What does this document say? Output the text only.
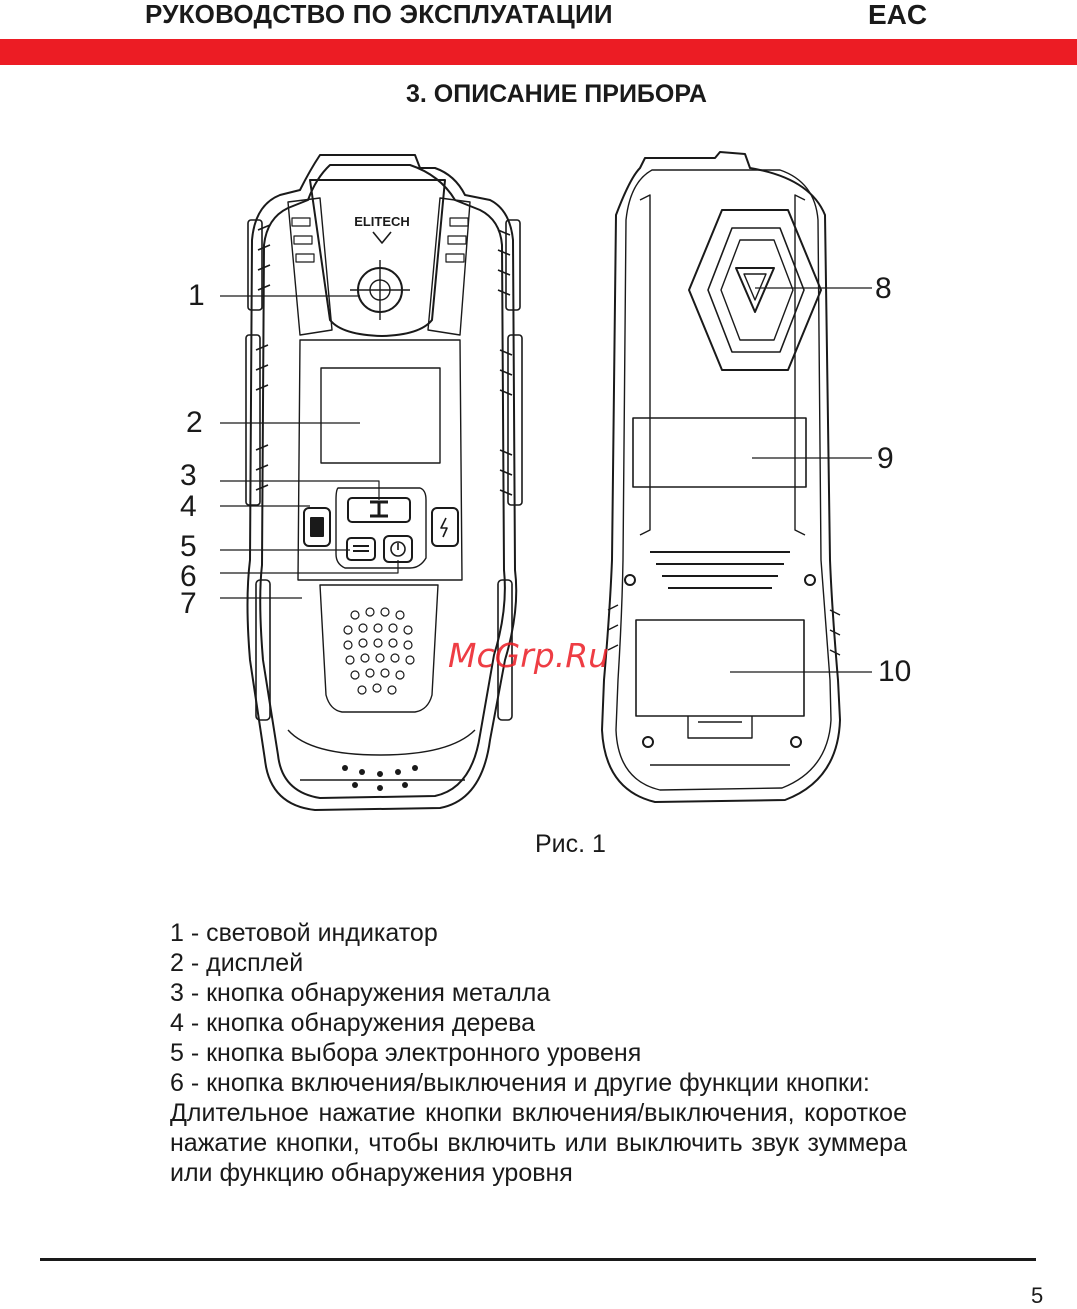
РУКОВОДСТВО ПО ЭКСПЛУАТАЦИИ	EAC
3. ОПИСАНИЕ ПРИБОРА
ELITECH
1
2
3
4
5
6
7
8
9
10
McGrp.Ru
Рис. 1

1 - световой индикатор

2 - дисплей

3 - кнопка обнаружения металла

4 - кнопка обнаружения дерева

5 - кнопка выбора электронного уровеня

6 - кнопка включения/выключения и другие функции кнопки:

Длительное нажатие кнопки включения/выключения, короткое нажатие кнопки, чтобы включить или выключить звук зуммера или функцию обнаружения уровня

5
